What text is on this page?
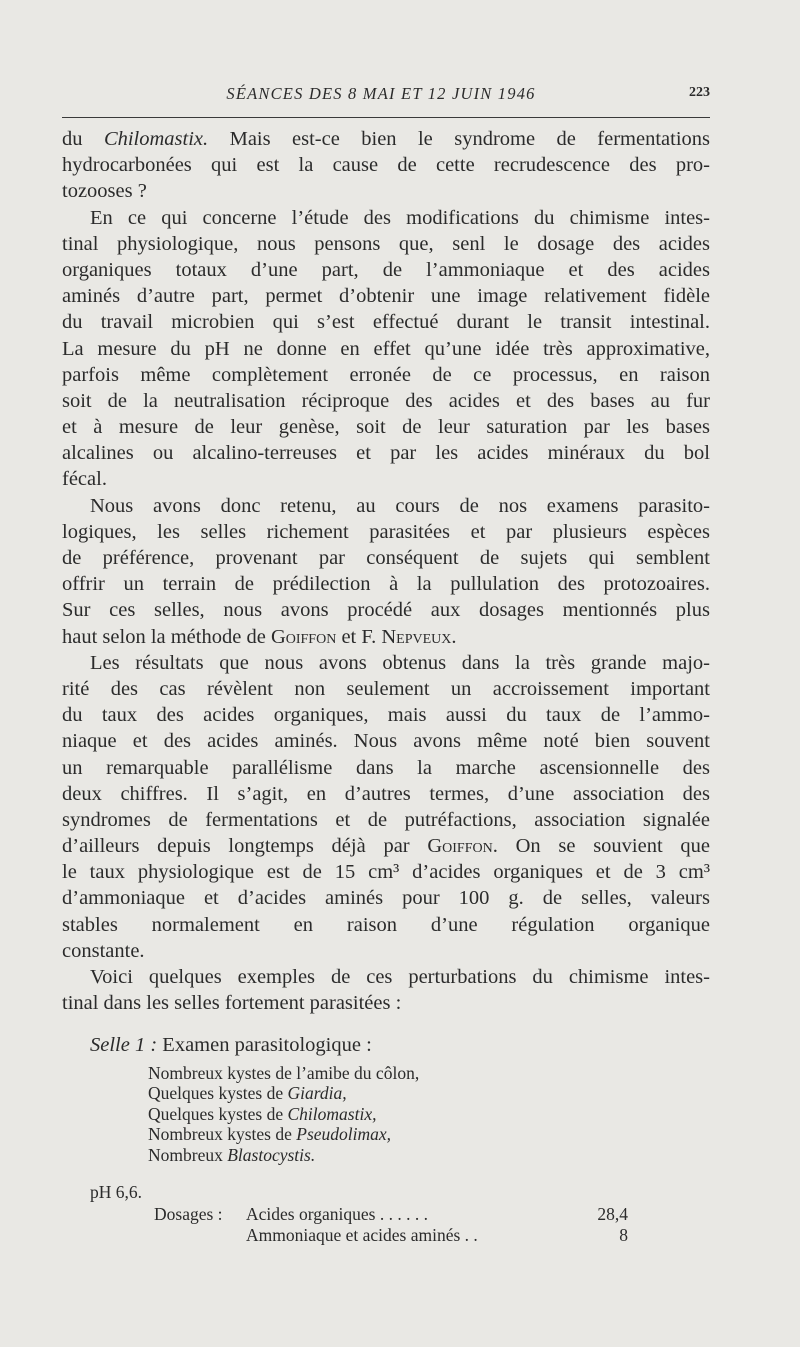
SÉANCES DES 8 MAI ET 12 JUIN 1946	223
du Chilomastix. Mais est-ce bien le syndrome de fermentations
hydrocarbonées qui est la cause de cette recrudescence des pro-
tozooses ?
En ce qui concerne l’étude des modifications du chimisme intes-
tinal physiologique, nous pensons que, senl le dosage des acides
organiques totaux d’une part, de l’ammoniaque et des acides
aminés d’autre part, permet d’obtenir une image relativement fidèle
du travail microbien qui s’est effectué durant le transit intestinal.
La mesure du pH ne donne en effet qu’une idée très approximative,
parfois même complètement erronée de ce processus, en raison
soit de la neutralisation réciproque des acides et des bases au fur
et à mesure de leur genèse, soit de leur saturation par les bases
alcalines ou alcalino-terreuses et par les acides minéraux du bol
fécal.
Nous avons donc retenu, au cours de nos examens parasito-
logiques, les selles richement parasitées et par plusieurs espèces
de préférence, provenant par conséquent de sujets qui semblent
offrir un terrain de prédilection à la pullulation des protozoaires.
Sur ces selles, nous avons procédé aux dosages mentionnés plus
haut selon la méthode de Goiffon et F. Nepveux.
Les résultats que nous avons obtenus dans la très grande majo-
rité des cas révèlent non seulement un accroissement important
du taux des acides organiques, mais aussi du taux de l’ammo-
niaque et des acides aminés. Nous avons même noté bien souvent
un remarquable parallélisme dans la marche ascensionnelle des
deux chiffres. Il s’agit, en d’autres termes, d’une association des
syndromes de fermentations et de putréfactions, association signalée
d’ailleurs depuis longtemps déjà par Goiffon. On se souvient que
le taux physiologique est de 15 cm³ d’acides organiques et de 3 cm³
d’ammoniaque et d’acides aminés pour 100 g. de selles, valeurs
stables normalement en raison d’une régulation organique
constante.
Voici quelques exemples de ces perturbations du chimisme intes-
tinal dans les selles fortement parasitées :
Selle 1 : Examen parasitologique :
Nombreux kystes de l’amibe du côlon,
Quelques kystes de Giardia,
Quelques kystes de Chilomastix,
Nombreux kystes de Pseudolimax,
Nombreux Blastocystis.
pH 6,6.
Dosages : Acides organiques . . . . . .	28,4
Ammoniaque et acides aminés . .	8
